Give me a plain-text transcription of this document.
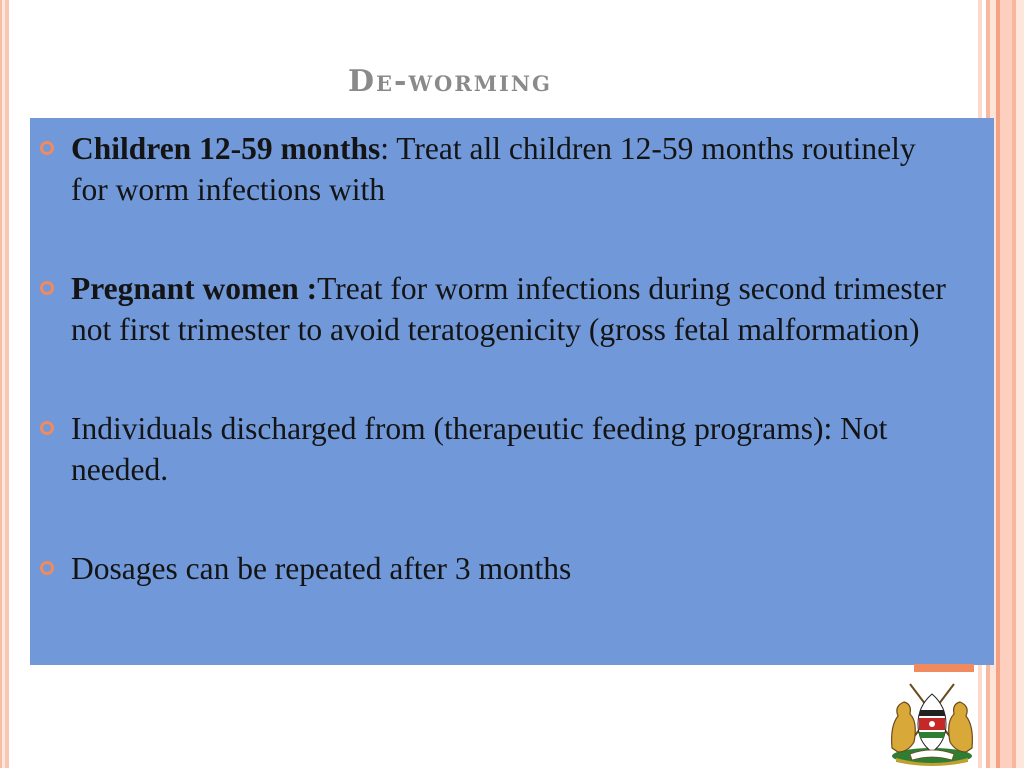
De-worming
Children 12-59 months: Treat all children 12-59 months routinely for worm infections with
Pregnant women :Treat for worm infections during second trimester not first trimester to avoid teratogenicity (gross fetal malformation)
Individuals discharged from (therapeutic feeding programs): Not needed.
Dosages can be repeated after 3 months
